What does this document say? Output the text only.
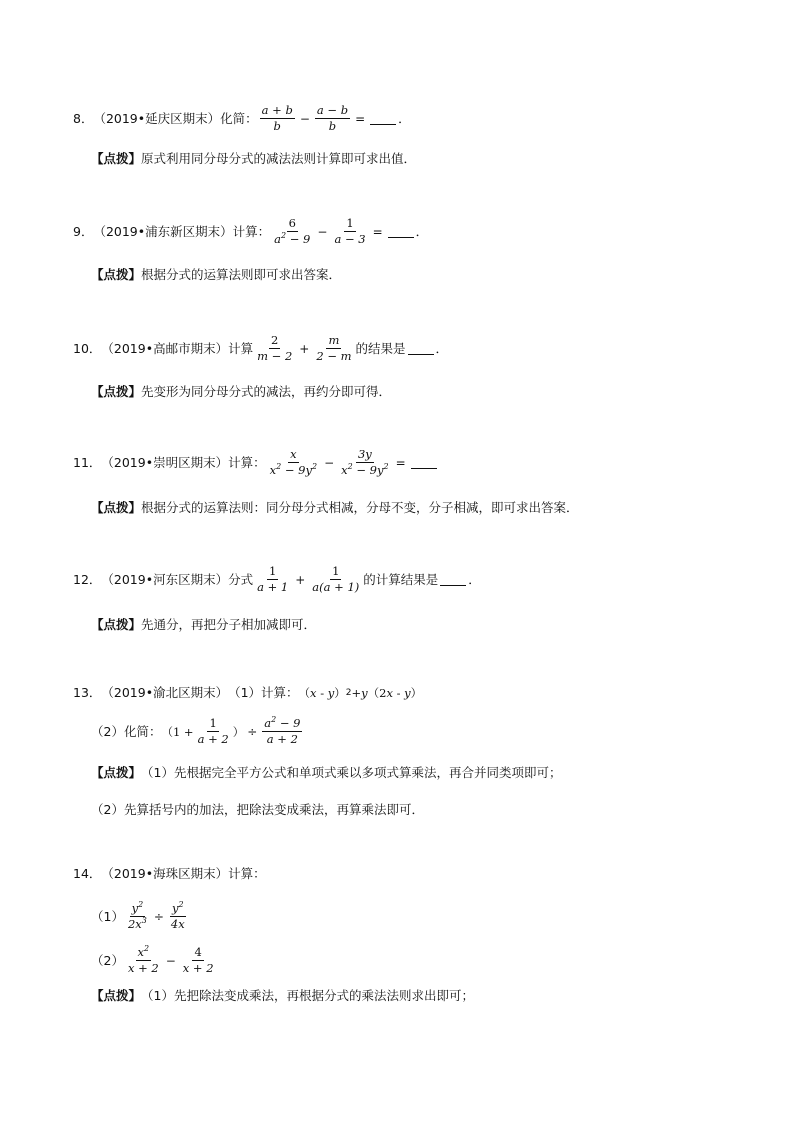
8． （2019•延庆区期末） 化简： $\frac{a + b}{b} - \frac{a - b}{b}$ =	．
【点拨】 原式利用同分母分式的减法法则计算即可求出值．
9． （2019•浦东新区期末） 计算： $\frac{6}{a^2 - 9} - \frac{1}{a - 3}$ =	．
【点拨】 根据分式的运算法则即可求出答案．
10． （2019•高邮市期末） 计算 $\frac{2}{m - 2} + \frac{m}{2 - m}$ 的结果是 ．
【点拨】 先变形为同分母分式的减法，再约分即可得．
11． （2019•崇明区期末） 计算： $\frac{x}{x^2 - 9y^2} - \frac{3y}{x^2 - 9y^2}$ =
【点拨】 根据分式的运算法则：同分母分式相减，分母不变，分子相减，即可求出答案．
12． （2019•河东区期末） 分式 $\frac{1}{a + 1} + \frac{1}{a(a + 1)}$ 的计算结果是 ．
【点拨】 先通分，再把分子相加减即可．
13． （2019•渝北区期末） （1）计算： （ x - y ） 2 + y （2 x - y ）
（2）化简： （$1 + \frac{1}{a + 2}$ ） ÷ $\frac{a^2 - 9}{a + 2}$
【点拨】 （1）先根据完全平方公式和单项式乘以多项式算乘法，再合并同类项即可；
（2）先算括号内的加法，把除法变成乘法，再算乘法即可．
14． （2019•海珠区期末） 计算：
$(1) \frac{y^2}{2x^3} \div \frac{y^2}{4x}$
$(2) \frac{x^2}{x + 2} - \frac{4}{x + 2}$
【点拨】 （1）先把除法变成乘法，再根据分式的乘法法则求出即可；
